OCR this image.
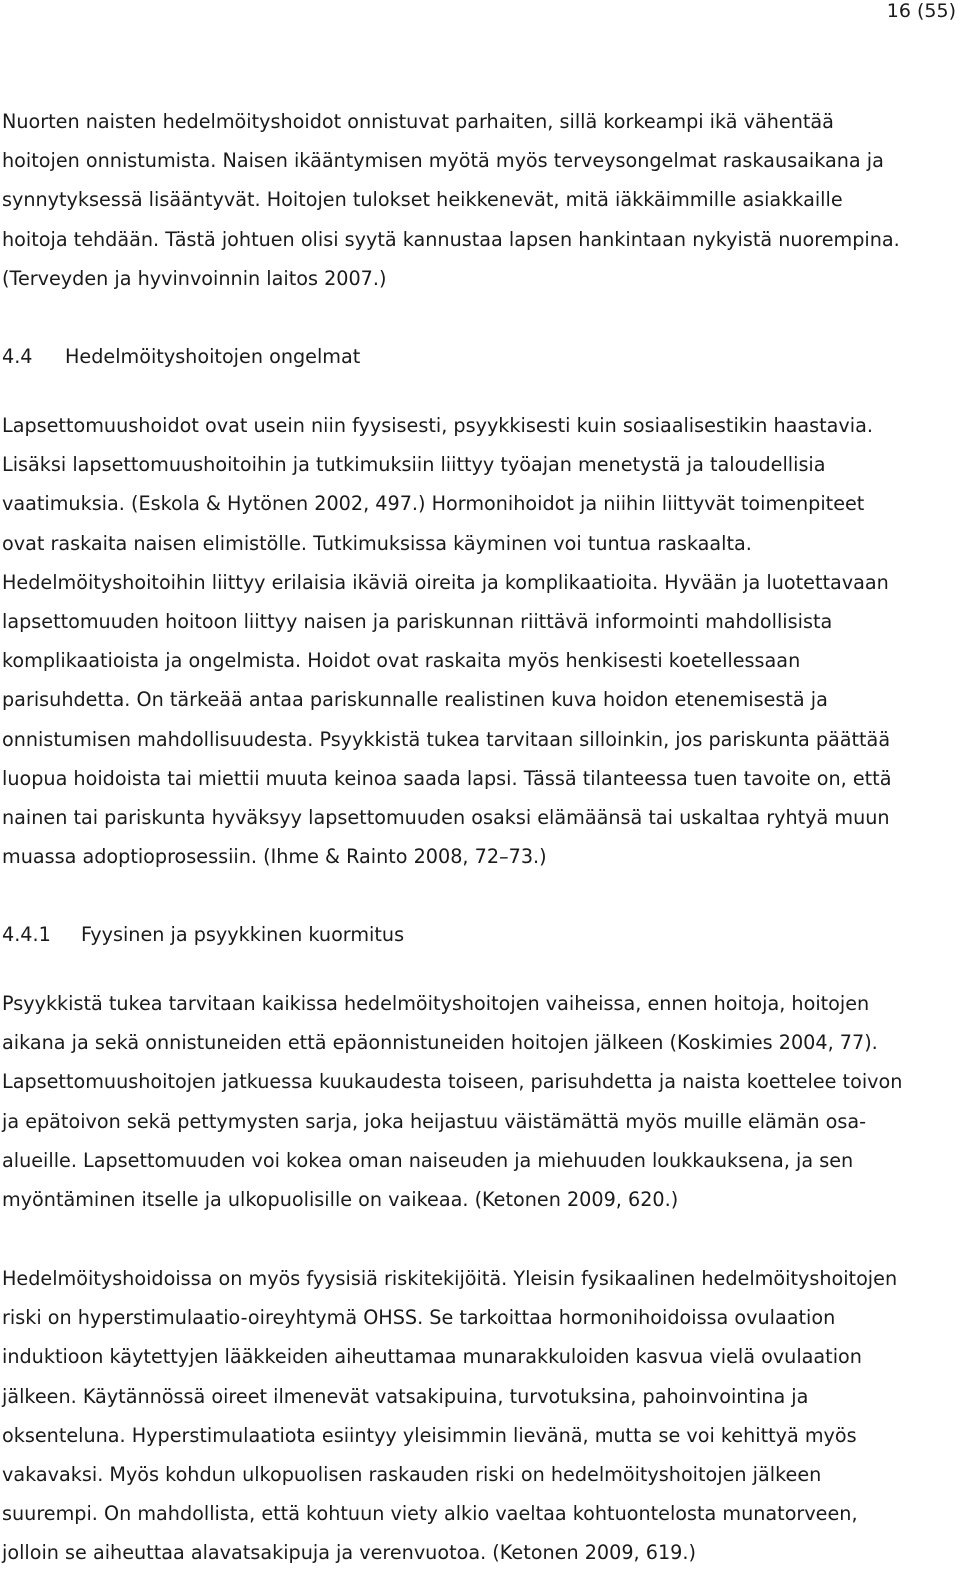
16 (55)

Nuorten naisten hedelmöityshoidot onnistuvat parhaiten, sillä korkeampi ikä vähentää
hoitojen onnistumista. Naisen ikääntymisen myötä myös terveysongelmat raskausaikana ja
synnytyksessä lisääntyvät. Hoitojen tulokset heikkenevät, mitä iäkkäimmille asiakkaille
hoitoja tehdään. Tästä johtuen olisi syytä kannustaa lapsen hankintaan nykyistä nuorempina.
(Terveyden ja hyvinvoinnin laitos 2007.)

4.4 Hedelmöityshoitojen ongelmat

Lapsettomuushoidot ovat usein niin fyysisesti, psyykkisesti kuin sosiaalisestikin haastavia.
Lisäksi lapsettomuushoitoihin ja tutkimuksiin liittyy työajan menetystä ja taloudellisia
vaatimuksia. (Eskola & Hytönen 2002, 497.) Hormonihoidot ja niihin liittyvät toimenpiteet
ovat raskaita naisen elimistölle. Tutkimuksissa käyminen voi tuntua raskaalta.
Hedelmöityshoitoihin liittyy erilaisia ikäviä oireita ja komplikaatioita. Hyvään ja luotettavaan
lapsettomuuden hoitoon liittyy naisen ja pariskunnan riittävä informointi mahdollisista
komplikaatioista ja ongelmista. Hoidot ovat raskaita myös henkisesti koetellessaan
parisuhdetta. On tärkeää antaa pariskunnalle realistinen kuva hoidon etenemisestä ja
onnistumisen mahdollisuudesta. Psyykkistä tukea tarvitaan silloinkin, jos pariskunta päättää
luopua hoidoista tai miettii muuta keinoa saada lapsi. Tässä tilanteessa tuen tavoite on, että
nainen tai pariskunta hyväksyy lapsettomuuden osaksi elämäänsä tai uskaltaa ryhtyä muun
muassa adoptioprosessiin. (Ihme & Rainto 2008, 72–73.)

4.4.1 Fyysinen ja psyykkinen kuormitus

Psyykkistä tukea tarvitaan kaikissa hedelmöityshoitojen vaiheissa, ennen hoitoja, hoitojen
aikana ja sekä onnistuneiden että epäonnistuneiden hoitojen jälkeen (Koskimies 2004, 77).
Lapsettomuushoitojen jatkuessa kuukaudesta toiseen, parisuhdetta ja naista koettelee toivon
ja epätoivon sekä pettymysten sarja, joka heijastuu väistämättä myös muille elämän osa-
alueille. Lapsettomuuden voi kokea oman naiseuden ja miehuuden loukkauksena, ja sen
myöntäminen itselle ja ulkopuolisille on vaikeaa. (Ketonen 2009, 620.)

Hedelmöityshoidoissa on myös fyysisiä riskitekijöitä. Yleisin fysikaalinen hedelmöityshoitojen
riski on hyperstimulaatio-oireyhtymä OHSS. Se tarkoittaa hormonihoidoissa ovulaation
induktioon käytettyjen lääkkeiden aiheuttamaa munarakkuloiden kasvua vielä ovulaation
jälkeen. Käytännössä oireet ilmenevät vatsakipuina, turvotuksina, pahoinvointina ja
oksenteluna. Hyperstimulaatiota esiintyy yleisimmin lievänä, mutta se voi kehittyä myös
vakavaksi. Myös kohdun ulkopuolisen raskauden riski on hedelmöityshoitojen jälkeen
suurempi. On mahdollista, että kohtuun viety alkio vaeltaa kohtuontelosta munatorveen,
jolloin se aiheuttaa alavatsakipuja ja verenvuotoa. (Ketonen 2009, 619.)
